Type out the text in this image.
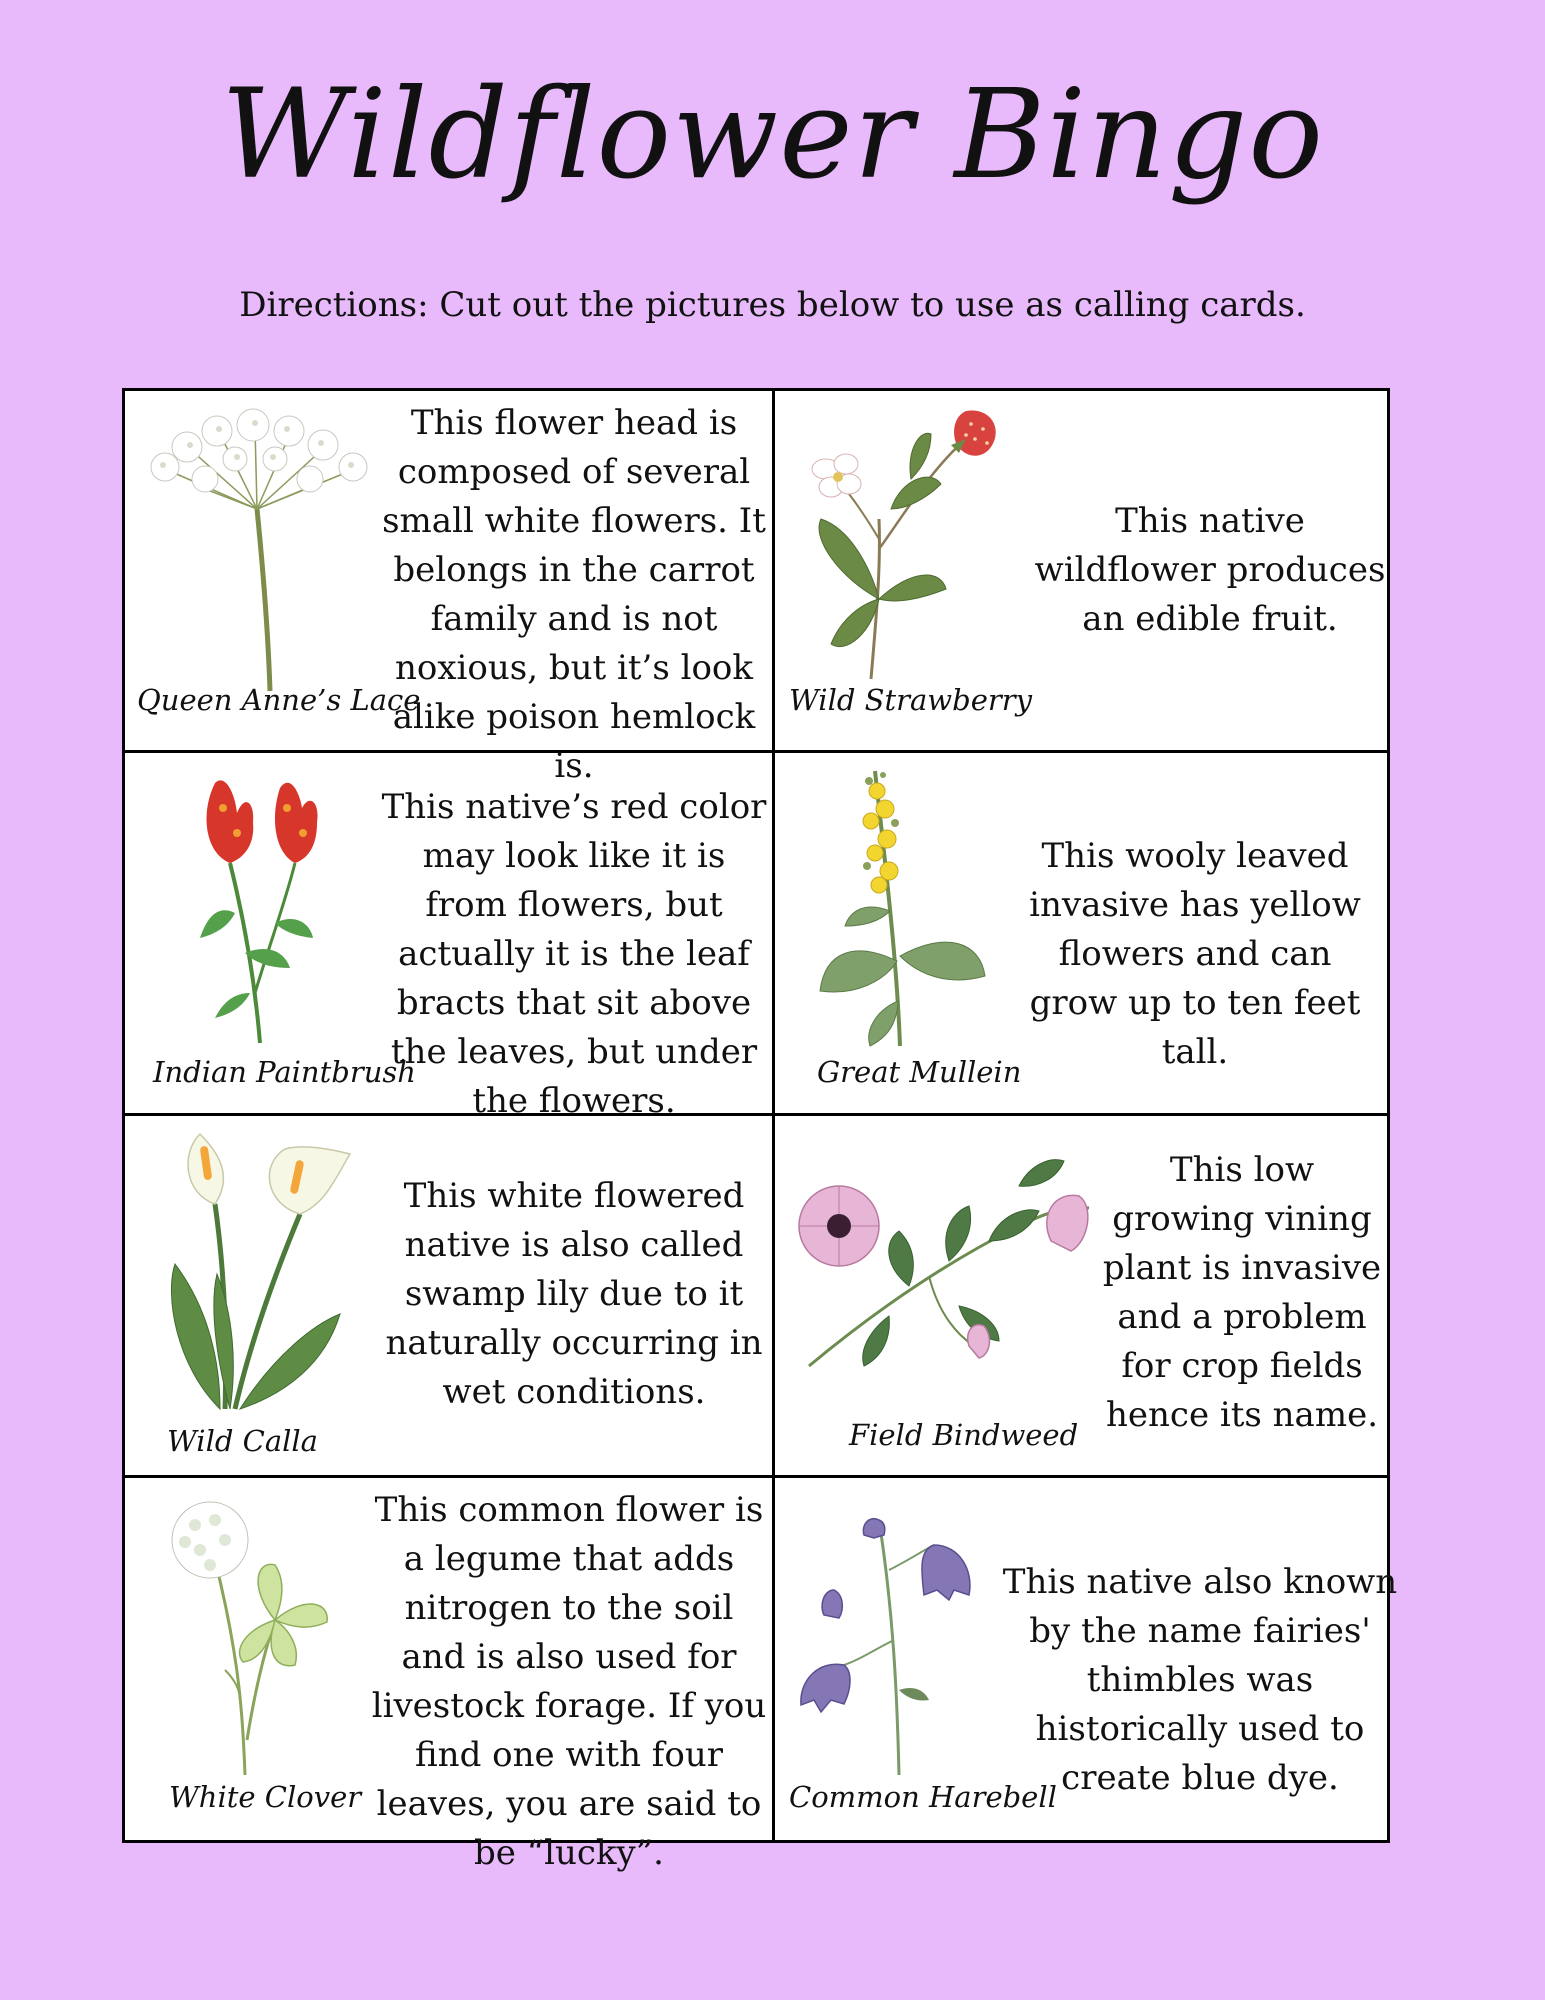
Wildflower Bingo
Directions: Cut out the pictures below to use as calling cards.
Queen Anne’s Lace
This flower head is composed of several small white flowers. It belongs in the carrot family and is not noxious, but it’s look alike poison hemlock is.
Wild Strawberry
This native wildflower produces an edible fruit.
Indian Paintbrush
This native’s red color may look like it is from flowers, but actually it is the leaf bracts that sit above the leaves, but under the flowers.
Great Mullein
This wooly leaved invasive has yellow flowers and can grow up to ten feet tall.
Wild Calla
This white flowered native is also called swamp lily due to it naturally occurring in wet conditions.
Field Bindweed
This low growing vining plant is invasive and a problem for crop fields hence its name.
White Clover
This common flower is a legume that adds nitrogen to the soil and is also used for livestock forage. If you find one with four leaves, you are said to be “lucky”.
Common Harebell
This native also known by the name fairies' thimbles was historically used to create blue dye.
